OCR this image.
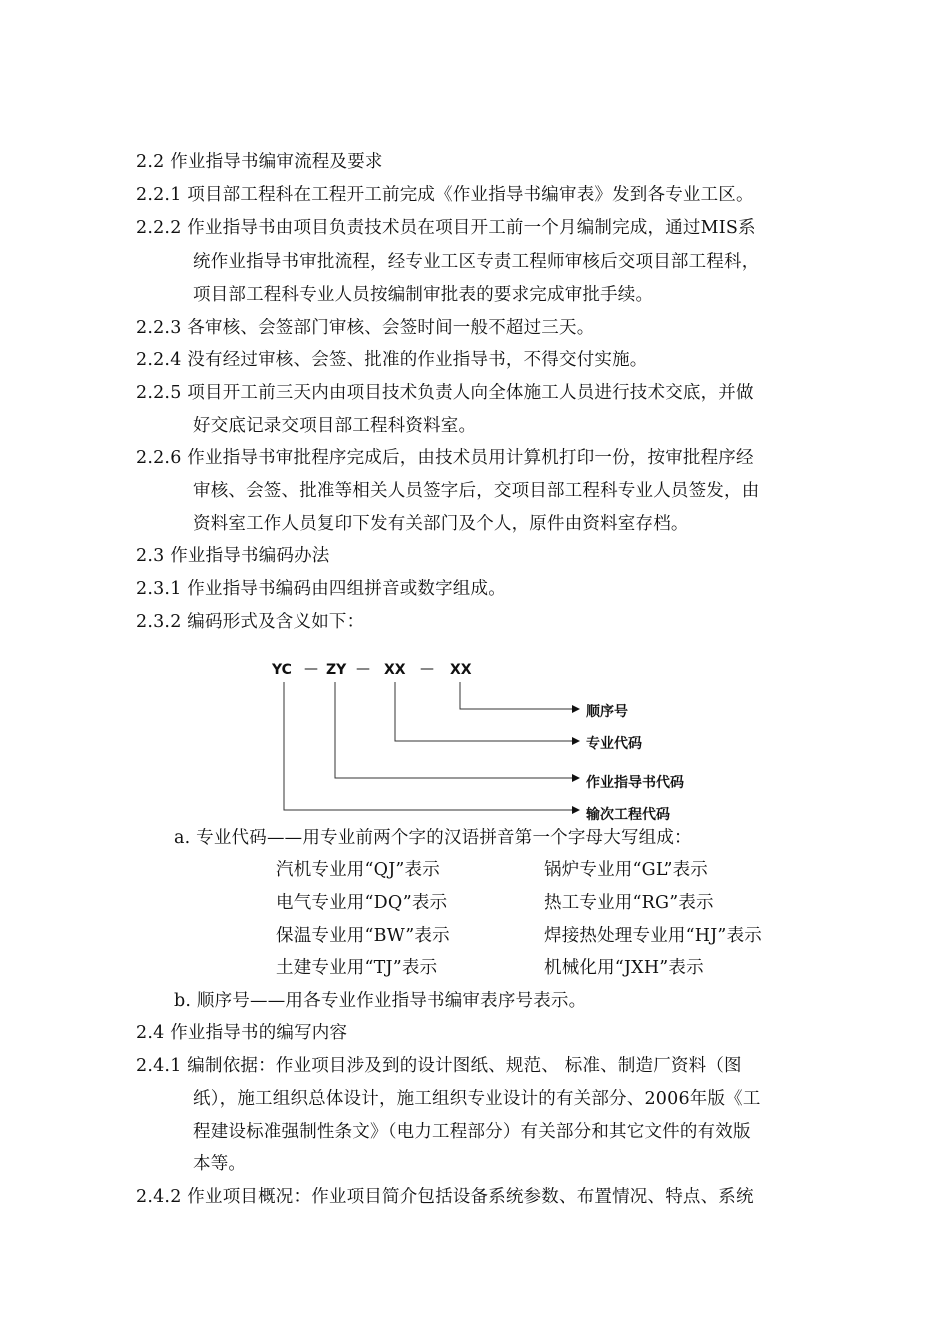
2.2 作业指导书编审流程及要求
2.2.1 项目部工程科在工程开工前完成《作业指导书编审表》发到各专业工区。
2.2.2 作业指导书由项目负责技术员在项目开工前一个月编制完成，通过MIS系
统作业指导书审批流程，经专业工区专责工程师审核后交项目部工程科，
项目部工程科专业人员按编制审批表的要求完成审批手续。
2.2.3 各审核、会签部门审核、会签时间一般不超过三天。
2.2.4 没有经过审核、会签、批准的作业指导书，不得交付实施。
2.2.5 项目开工前三天内由项目技术负责人向全体施工人员进行技术交底，并做
好交底记录交项目部工程科资料室。
2.2.6 作业指导书审批程序完成后，由技术员用计算机打印一份，按审批程序经
审核、会签、批准等相关人员签字后，交项目部工程科专业人员签发，由
资料室工作人员复印下发有关部门及个人，原件由资料室存档。
2.3 作业指导书编码办法
2.3.1 作业指导书编码由四组拼音或数字组成。
2.3.2 编码形式及含义如下：
YC — ZY — XX — XX
顺序号
专业代码
作业指导书代码
输次工程代码
a. 专业代码——用专业前两个字的汉语拼音第一个字母大写组成：
汽机专业用“QJ”表示	锅炉专业用“GL”表示
电气专业用“DQ”表示	热工专业用“RG”表示
保温专业用“BW”表示	焊接热处理专业用“HJ”表示
土建专业用“TJ”表示	机械化用“JXH”表示
b. 顺序号——用各专业作业指导书编审表序号表示。
2.4 作业指导书的编写内容
2.4.1 编制依据：作业项目涉及到的设计图纸、规范、 标准、制造厂资料（图
纸），施工组织总体设计，施工组织专业设计的有关部分、2006年版《工
程建设标准强制性条文》（电力工程部分）有关部分和其它文件的有效版
本等。
2.4.2 作业项目概况：作业项目简介包括设备系统参数、布置情况、特点、系统
